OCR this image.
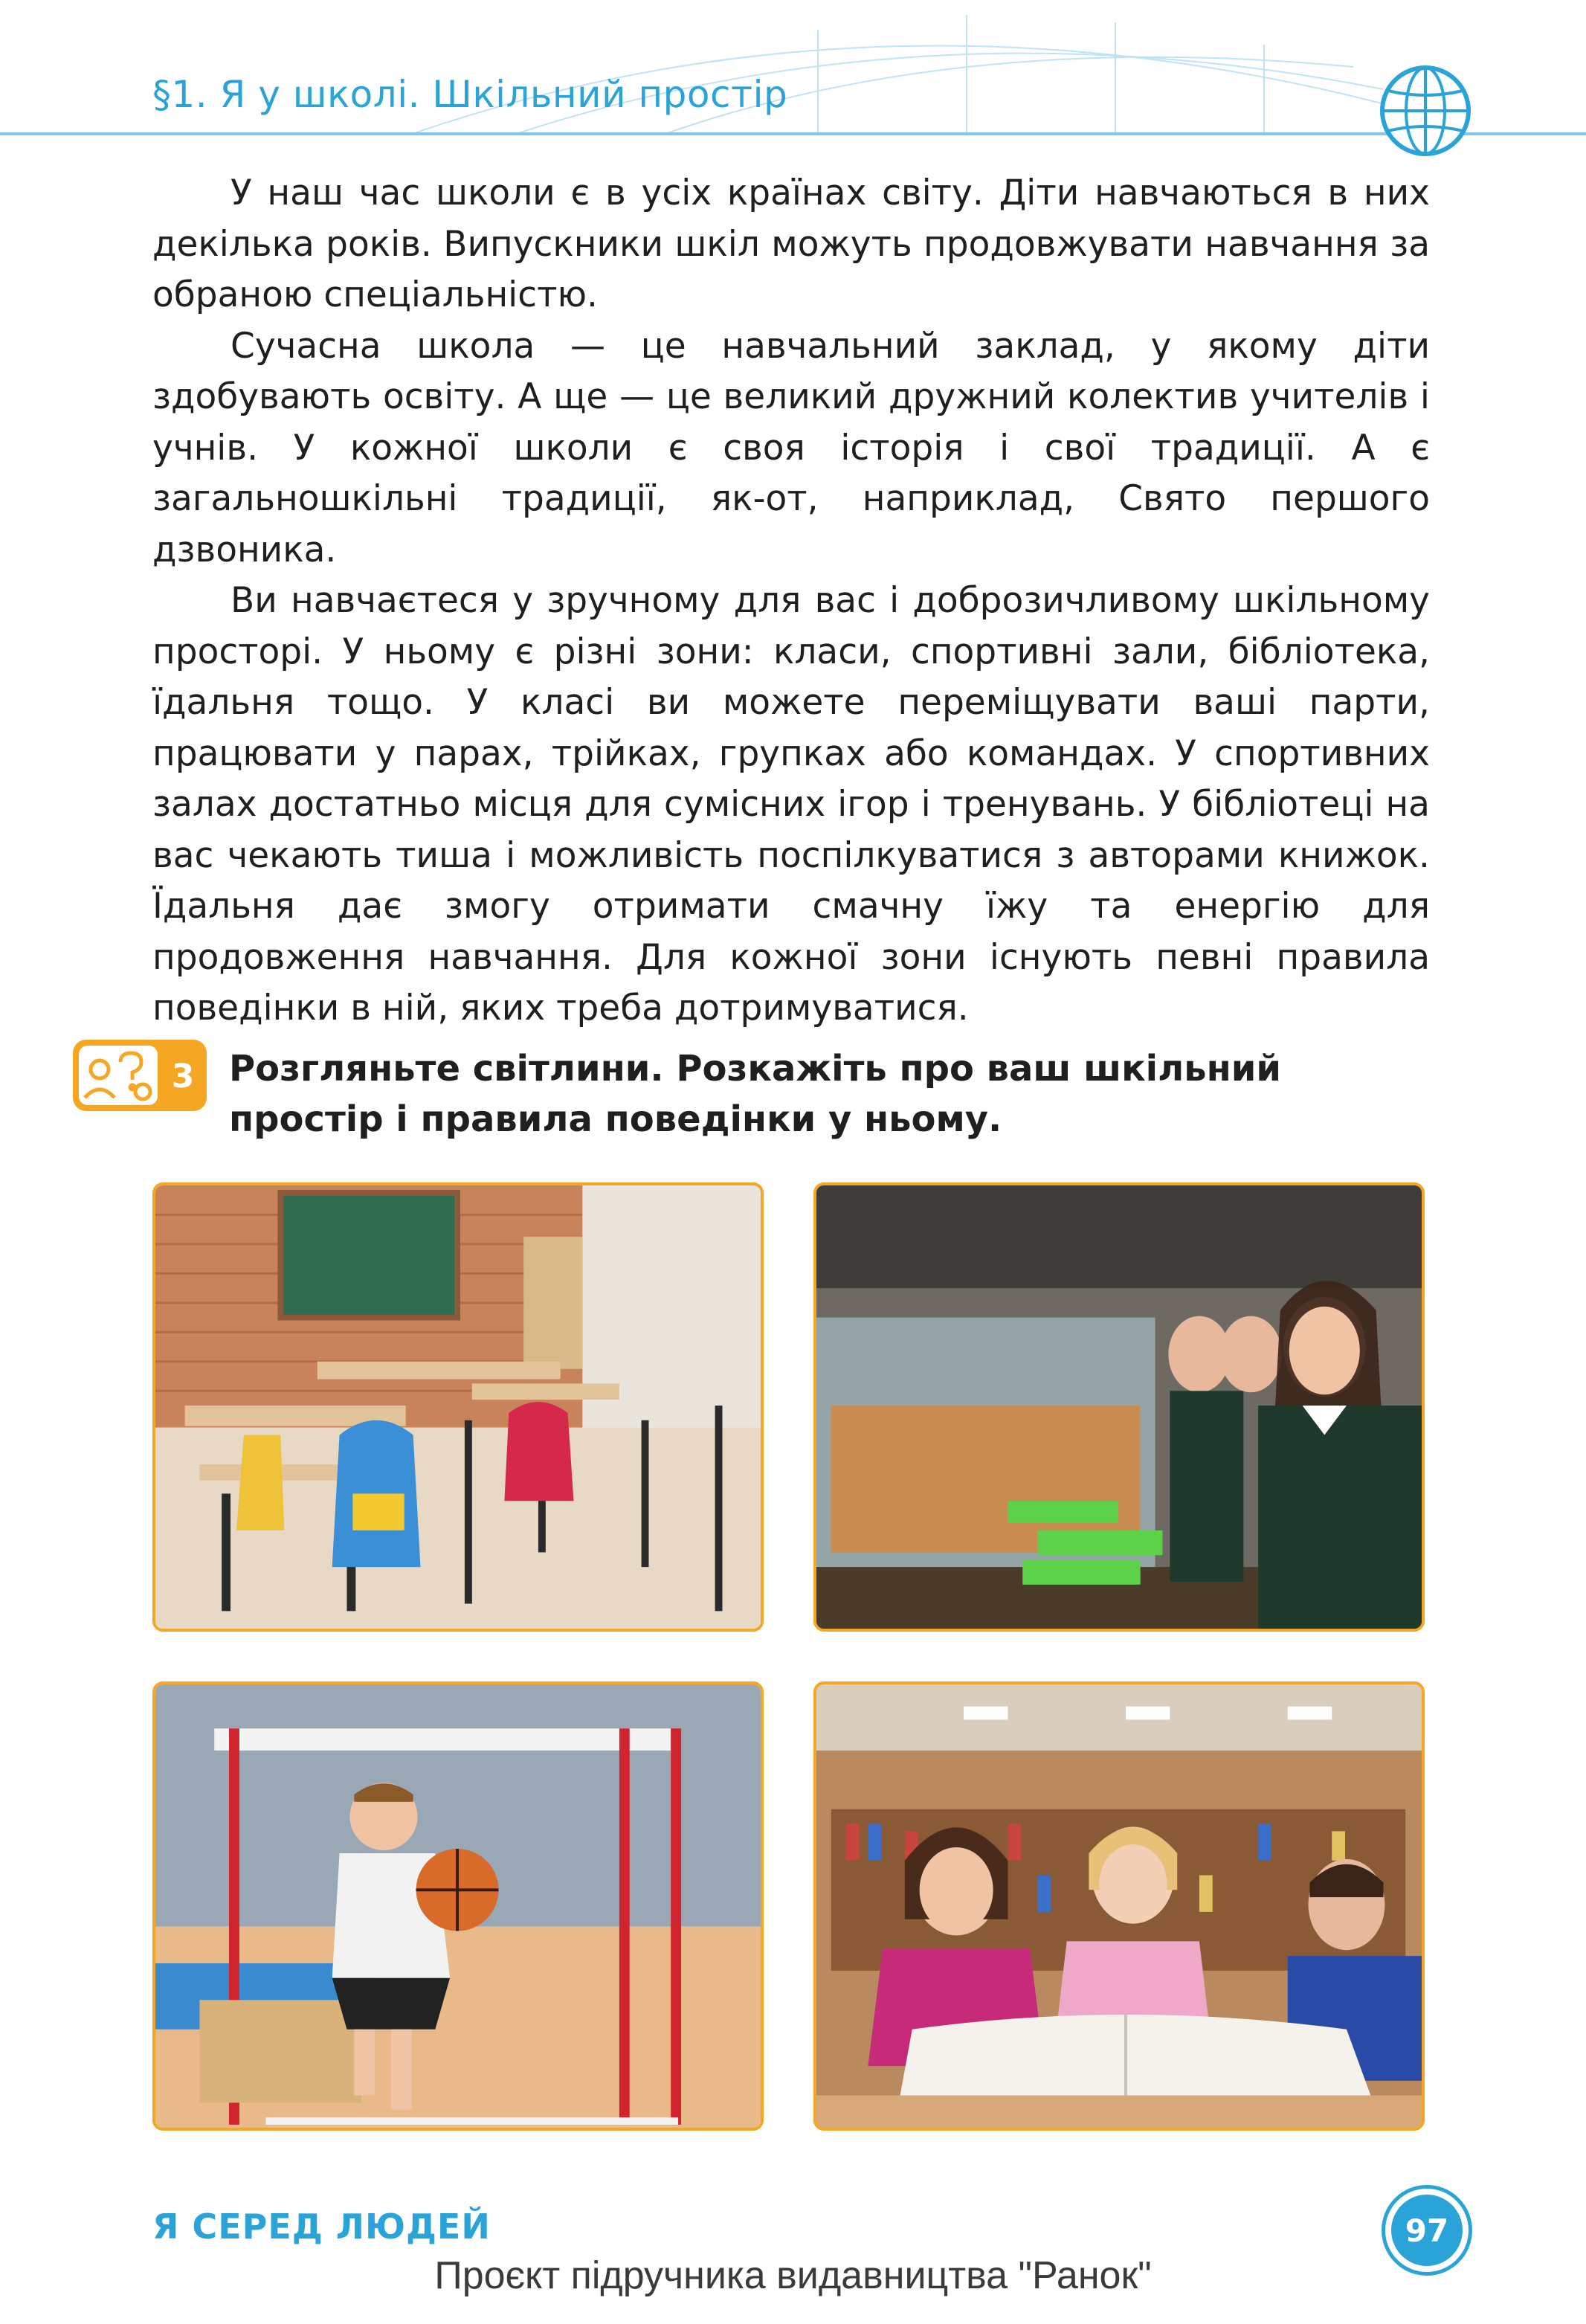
§1. Я у школі. Шкільний простір

У наш час школи є в усіх країнах світу. Діти навчаються в них декілька років. Випускники шкіл можуть продовжувати навчання за обраною спеціальністю.

Сучасна школа — це навчальний заклад, у якому діти здобувають освіту. А ще — це великий дружний колектив учителів і учнів. У кожної школи є своя історія і свої традиції. А є загальношкільні традиції, як-от, наприклад, Свято першого дзвоника.

Ви навчаєтеся у зручному для вас і доброзичливому шкільному просторі. У ньому є різні зони: класи, спортивні зали, бібліотека, їдальня тощо. У класі ви можете переміщувати ваші парти, працювати у парах, трійках, групках або командах. У спортивних залах достатньо місця для сумісних ігор і тренувань. У бібліотеці на вас чекають тиша і можливість поспілкуватися з авторами книжок. Їдальня дає змогу отримати смачну їжу та енергію для продовження навчання. Для кожної зони існують певні правила поведінки в ній, яких треба дотримуватися.

3 Розгляньте світлини. Розкажіть про ваш шкільний простір і правила поведінки у ньому.
Я СЕРЕД ЛЮДЕЙ	97
Проєкт підручника видавництва "Ранок"
